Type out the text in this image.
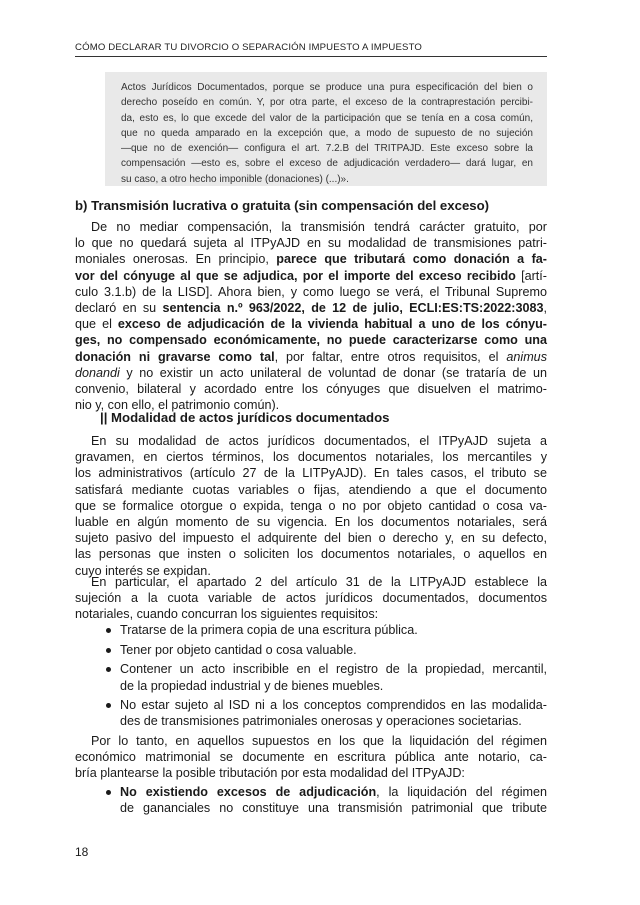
CÓMO DECLARAR TU DIVORCIO O SEPARACIÓN IMPUESTO A IMPUESTO
Actos Jurídicos Documentados, porque se produce una pura especificación del bien o
derecho poseído en común. Y, por otra parte, el exceso de la contraprestación percibi-
da, esto es, lo que excede del valor de la participación que se tenía en a cosa común,
que no queda amparado en la excepción que, a modo de supuesto de no sujeción
—que no de exención— configura el art. 7.2.B del TRITPAJD. Este exceso sobre la
compensación —esto es, sobre el exceso de adjudicación verdadero— dará lugar, en
su caso, a otro hecho imponible (donaciones) (...)».
b) Transmisión lucrativa o gratuita (sin compensación del exceso)
De no mediar compensación, la transmisión tendrá carácter gratuito, por
lo que no quedará sujeta al ITPyAJD en su modalidad de transmisiones patri-
moniales onerosas. En principio, parece que tributará como donación a fa-
vor del cónyuge al que se adjudica, por el importe del exceso recibido [artí-
culo 3.1.b) de la LISD]. Ahora bien, y como luego se verá, el Tribunal Supremo
declaró en su sentencia n.º 963/2022, de 12 de julio, ECLI:ES:TS:2022:3083,
que el exceso de adjudicación de la vivienda habitual a uno de los cónyu-
ges, no compensado económicamente, no puede caracterizarse como una
donación ni gravarse como tal, por faltar, entre otros requisitos, el animus
donandi y no existir un acto unilateral de voluntad de donar (se trataría de un
convenio, bilateral y acordado entre los cónyuges que disuelven el matrimo-
nio y, con ello, el patrimonio común).
|| Modalidad de actos jurídicos documentados
En su modalidad de actos jurídicos documentados, el ITPyAJD sujeta a
gravamen, en ciertos términos, los documentos notariales, los mercantiles y
los administrativos (artículo 27 de la LITPyAJD). En tales casos, el tributo se
satisfará mediante cuotas variables o fijas, atendiendo a que el documento
que se formalice otorgue o expida, tenga o no por objeto cantidad o cosa va-
luable en algún momento de su vigencia. En los documentos notariales, será
sujeto pasivo del impuesto el adquirente del bien o derecho y, en su defecto,
las personas que insten o soliciten los documentos notariales, o aquellos en
cuyo interés se expidan.
En particular, el apartado 2 del artículo 31 de la LITPyAJD establece la
sujeción a la cuota variable de actos jurídicos documentados, documentos
notariales, cuando concurran los siguientes requisitos:
Tratarse de la primera copia de una escritura pública.
Tener por objeto cantidad o cosa valuable.
Contener un acto inscribible en el registro de la propiedad, mercantil,
de la propiedad industrial y de bienes muebles.
No estar sujeto al ISD ni a los conceptos comprendidos en las modalida-
des de transmisiones patrimoniales onerosas y operaciones societarias.
Por lo tanto, en aquellos supuestos en los que la liquidación del régimen
económico matrimonial se documente en escritura pública ante notario, ca-
bría plantearse la posible tributación por esta modalidad del ITPyAJD:
No existiendo excesos de adjudicación, la liquidación del régimen
de gananciales no constituye una transmisión patrimonial que tribute
18
